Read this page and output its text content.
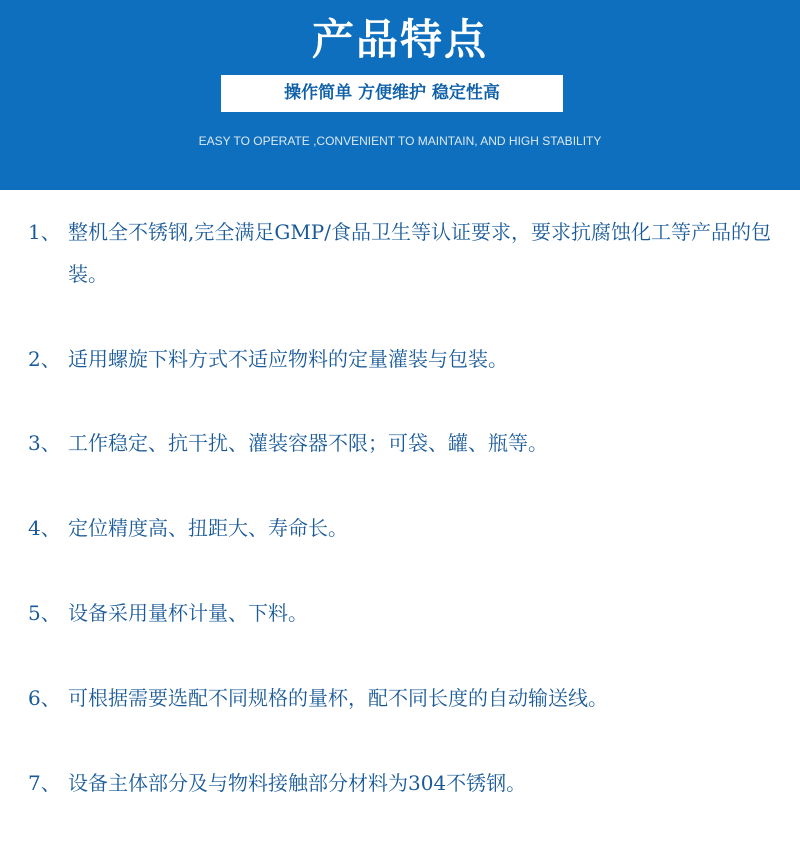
产品特点
操作简单 方便维护 稳定性高
EASY TO OPERATE ,CONVENIENT TO MAINTAIN, AND HIGH STABILITY
1、 整机全不锈钢,完全满足GMP/食品卫生等认证要求，要求抗腐蚀化工等产品的包装。
2、 适用螺旋下料方式不适应物料的定量灌装与包装。
3、 工作稳定、抗干扰、灌装容器不限；可袋、罐、瓶等。
4、 定位精度高、扭距大、寿命长。
5、 设备采用量杯计量、下料。
6、 可根据需要选配不同规格的量杯，配不同长度的自动输送线。
7、 设备主体部分及与物料接触部分材料为304不锈钢。
